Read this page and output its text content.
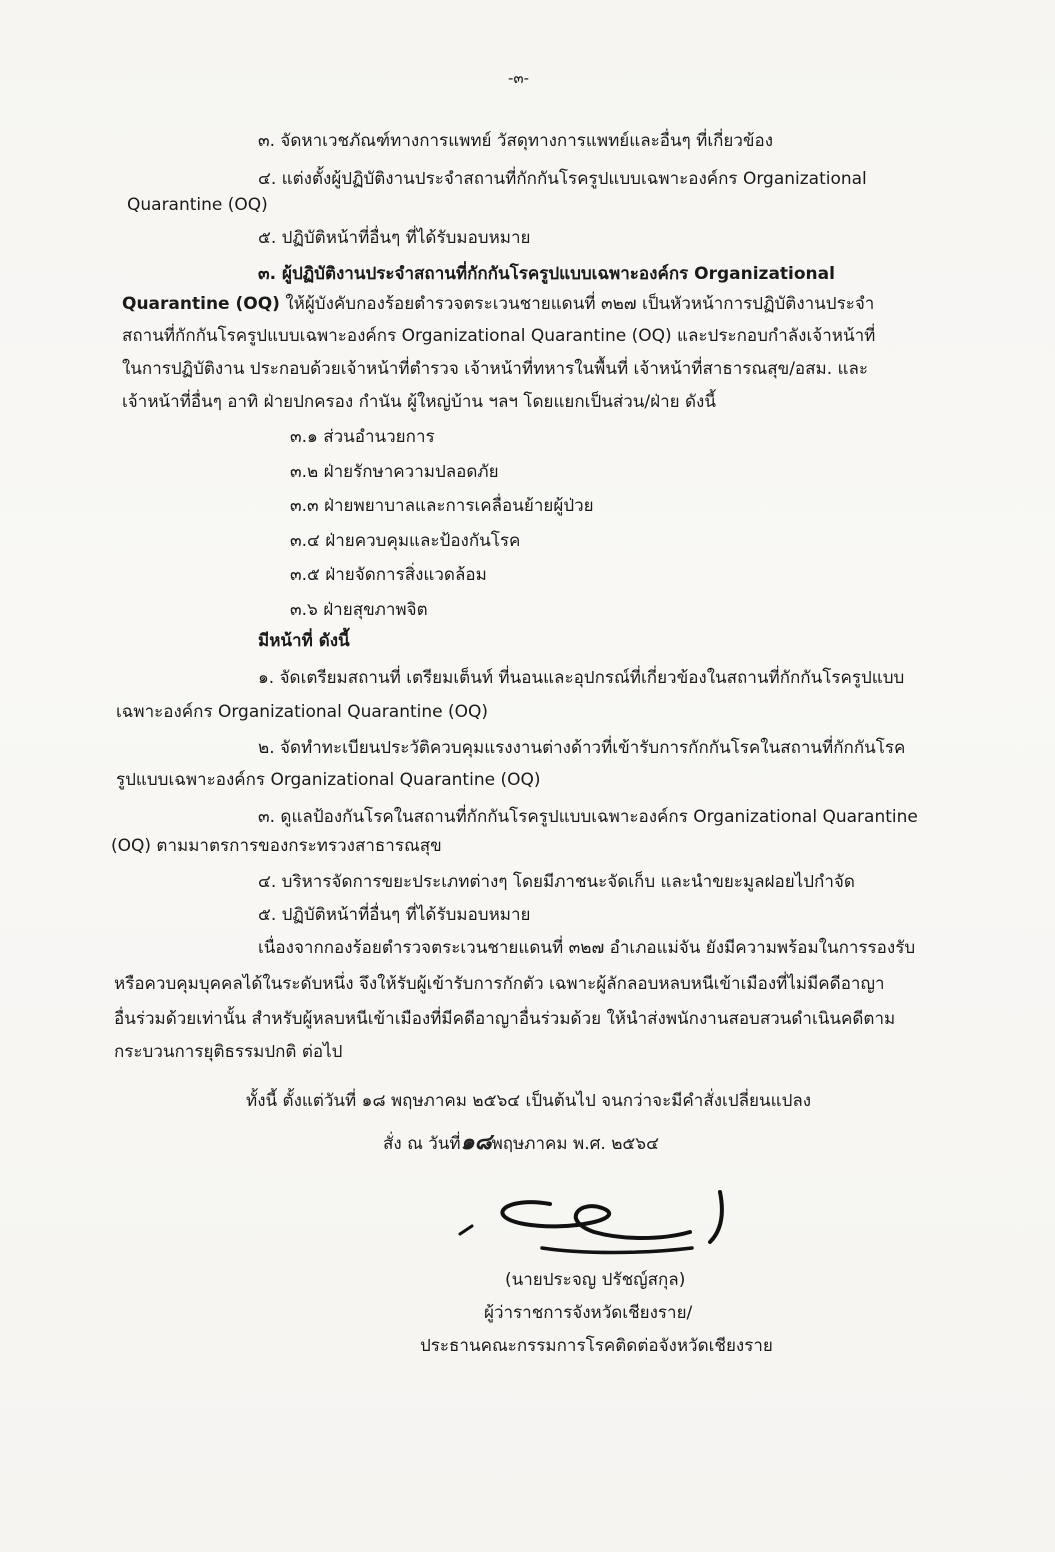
-๓-
๓. จัดหาเวชภัณฑ์ทางการแพทย์ วัสดุทางการแพทย์และอื่นๆ ที่เกี่ยวข้อง
๔. แต่งตั้งผู้ปฏิบัติงานประจำสถานที่กักกันโรครูปแบบเฉพาะองค์กร Organizational
Quarantine (OQ)
๕. ปฏิบัติหน้าที่อื่นๆ ที่ได้รับมอบหมาย
๓. ผู้ปฏิบัติงานประจำสถานที่กักกันโรครูปแบบเฉพาะองค์กร Organizational
Quarantine (OQ) ให้ผู้บังคับกองร้อยตำรวจตระเวนชายแดนที่ ๓๒๗ เป็นหัวหน้าการปฏิบัติงานประจำ
สถานที่กักกันโรครูปแบบเฉพาะองค์กร Organizational Quarantine (OQ) และประกอบกำลังเจ้าหน้าที่
ในการปฏิบัติงาน ประกอบด้วยเจ้าหน้าที่ตำรวจ เจ้าหน้าที่ทหารในพื้นที่ เจ้าหน้าที่สาธารณสุข/อสม. และ
เจ้าหน้าที่อื่นๆ อาทิ ฝ่ายปกครอง กำนัน ผู้ใหญ่บ้าน ฯลฯ โดยแยกเป็นส่วน/ฝ่าย ดังนี้
๓.๑ ส่วนอำนวยการ
๓.๒ ฝ่ายรักษาความปลอดภัย
๓.๓ ฝ่ายพยาบาลและการเคลื่อนย้ายผู้ป่วย
๓.๔ ฝ่ายควบคุมและป้องกันโรค
๓.๕ ฝ่ายจัดการสิ่งแวดล้อม
๓.๖ ฝ่ายสุขภาพจิต
มีหน้าที่ ดังนี้
๑. จัดเตรียมสถานที่ เตรียมเต็นท์ ที่นอนและอุปกรณ์ที่เกี่ยวข้องในสถานที่กักกันโรครูปแบบ
เฉพาะองค์กร Organizational Quarantine (OQ)
๒. จัดทำทะเบียนประวัติควบคุมแรงงานต่างด้าวที่เข้ารับการกักกันโรคในสถานที่กักกันโรค
รูปแบบเฉพาะองค์กร Organizational Quarantine (OQ)
๓. ดูแลป้องกันโรคในสถานที่กักกันโรครูปแบบเฉพาะองค์กร Organizational Quarantine
(OQ) ตามมาตรการของกระทรวงสาธารณสุข
๔. บริหารจัดการขยะประเภทต่างๆ โดยมีภาชนะจัดเก็บ และนำขยะมูลฝอยไปกำจัด
๕. ปฏิบัติหน้าที่อื่นๆ ที่ได้รับมอบหมาย
เนื่องจากกองร้อยตำรวจตระเวนชายแดนที่ ๓๒๗ อำเภอแม่จัน ยังมีความพร้อมในการรองรับ
หรือควบคุมบุคคลได้ในระดับหนึ่ง จึงให้รับผู้เข้ารับการกักตัว เฉพาะผู้ลักลอบหลบหนีเข้าเมืองที่ไม่มีคดีอาญา
อื่นร่วมด้วยเท่านั้น สำหรับผู้หลบหนีเข้าเมืองที่มีคดีอาญาอื่นร่วมด้วย ให้นำส่งพนักงานสอบสวนดำเนินคดีตาม
กระบวนการยุติธรรมปกติ ต่อไป
ทั้งนี้ ตั้งแต่วันที่ ๑๘ พฤษภาคม ๒๕๖๔ เป็นต้นไป จนกว่าจะมีคำสั่งเปลี่ยนแปลง
สั่ง ณ วันที่๑๘พฤษภาคม พ.ศ. ๒๕๖๔
(นายประจญ ปรัชญ์สกุล)
ผู้ว่าราชการจังหวัดเชียงราย/
ประธานคณะกรรมการโรคติดต่อจังหวัดเชียงราย
